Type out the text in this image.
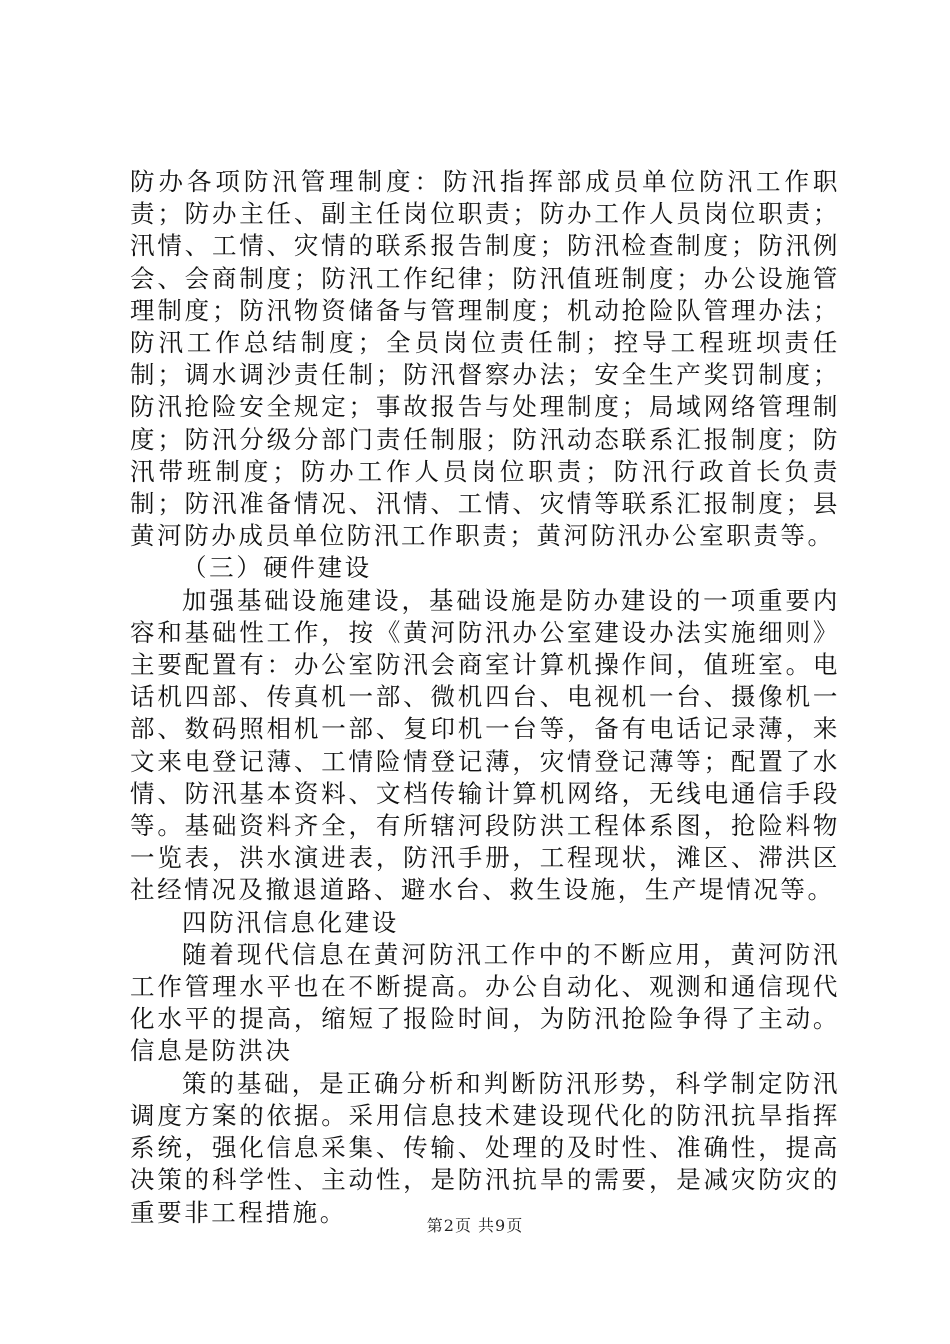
防办各项防汛管理制度：防汛指挥部成员单位防汛工作职责；防办主任、副主任岗位职责；防办工作人员岗位职责；汛情、工情、灾情的联系报告制度；防汛检查制度；防汛例会、会商制度；防汛工作纪律；防汛值班制度；办公设施管理制度；防汛物资储备与管理制度；机动抢险队管理办法；防汛工作总结制度；全员岗位责任制；控导工程班坝责任制；调水调沙责任制；防汛督察办法；安全生产奖罚制度；防汛抢险安全规定；事故报告与处理制度；局域网络管理制度；防汛分级分部门责任制服；防汛动态联系汇报制度；防汛带班制度；防办工作人员岗位职责；防汛行政首长负责制；防汛准备情况、汛情、工情、灾情等联系汇报制度；县黄河防办成员单位防汛工作职责；黄河防汛办公室职责等。

（三）硬件建设

加强基础设施建设，基础设施是防办建设的一项重要内容和基础性工作，按《黄河防汛办公室建设办法实施细则》主要配置有：办公室防汛会商室计算机操作间，值班室。电话机四部、传真机一部、微机四台、电视机一台、摄像机一部、数码照相机一部、复印机一台等，备有电话记录薄，来文来电登记薄、工情险情登记薄，灾情登记薄等；配置了水情、防汛基本资料、文档传输计算机网络，无线电通信手段等。基础资料齐全，有所辖河段防洪工程体系图，抢险料物一览表，洪水演进表，防汛手册，工程现状，滩区、滞洪区社经情况及撤退道路、避水台、救生设施，生产堤情况等。

四防汛信息化建设

随着现代信息在黄河防汛工作中的不断应用，黄河防汛工作管理水平也在不断提高。办公自动化、观测和通信现代化水平的提高，缩短了报险时间，为防汛抢险争得了主动。信息是防洪决

策的基础，是正确分析和判断防汛形势，科学制定防汛调度方案的依据。采用信息技术建设现代化的防汛抗旱指挥系统，强化信息采集、传输、处理的及时性、准确性，提高决策的科学性、主动性，是防汛抗旱的需要，是减灾防灾的重要非工程措施。	第2页 共9页
